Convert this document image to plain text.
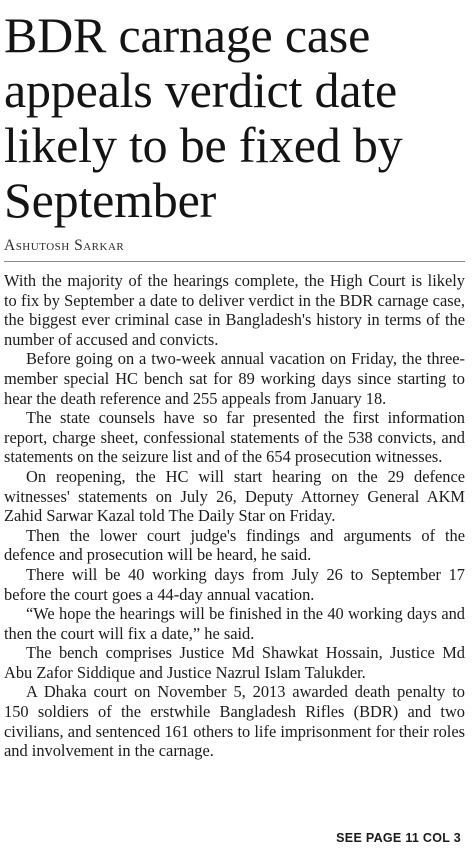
BDR carnage case appeals verdict date likely to be fixed by September
Ashutosh Sarkar

With the majority of the hearings complete, the High Court is likely to fix by September a date to deliver verdict in the BDR carnage case, the biggest ever criminal case in Bangladesh's history in terms of the number of accused and convicts.

Before going on a two-week annual vacation on Friday, the three-member special HC bench sat for 89 working days since starting to hear the death reference and 255 appeals from January 18.

The state counsels have so far presented the first information report, charge sheet, confessional statements of the 538 convicts, and statements on the seizure list and of the 654 prosecution witnesses.

On reopening, the HC will start hearing on the 29 defence witnesses' statements on July 26, Deputy Attorney General AKM Zahid Sarwar Kazal told The Daily Star on Friday.

Then the lower court judge's findings and arguments of the defence and prosecution will be heard, he said.

There will be 40 working days from July 26 to September 17 before the court goes a 44-day annual vacation.

“We hope the hearings will be finished in the 40 working days and then the court will fix a date,” he said.

The bench comprises Justice Md Shawkat Hossain, Justice Md Abu Zafor Siddique and Justice Nazrul Islam Talukder.

A Dhaka court on November 5, 2013 awarded death penalty to 150 soldiers of the erstwhile Bangladesh Rifles (BDR) and two civilians, and sentenced 161 others to life imprisonment for their roles and involvement in the carnage.

SEE PAGE 11 COL 3
